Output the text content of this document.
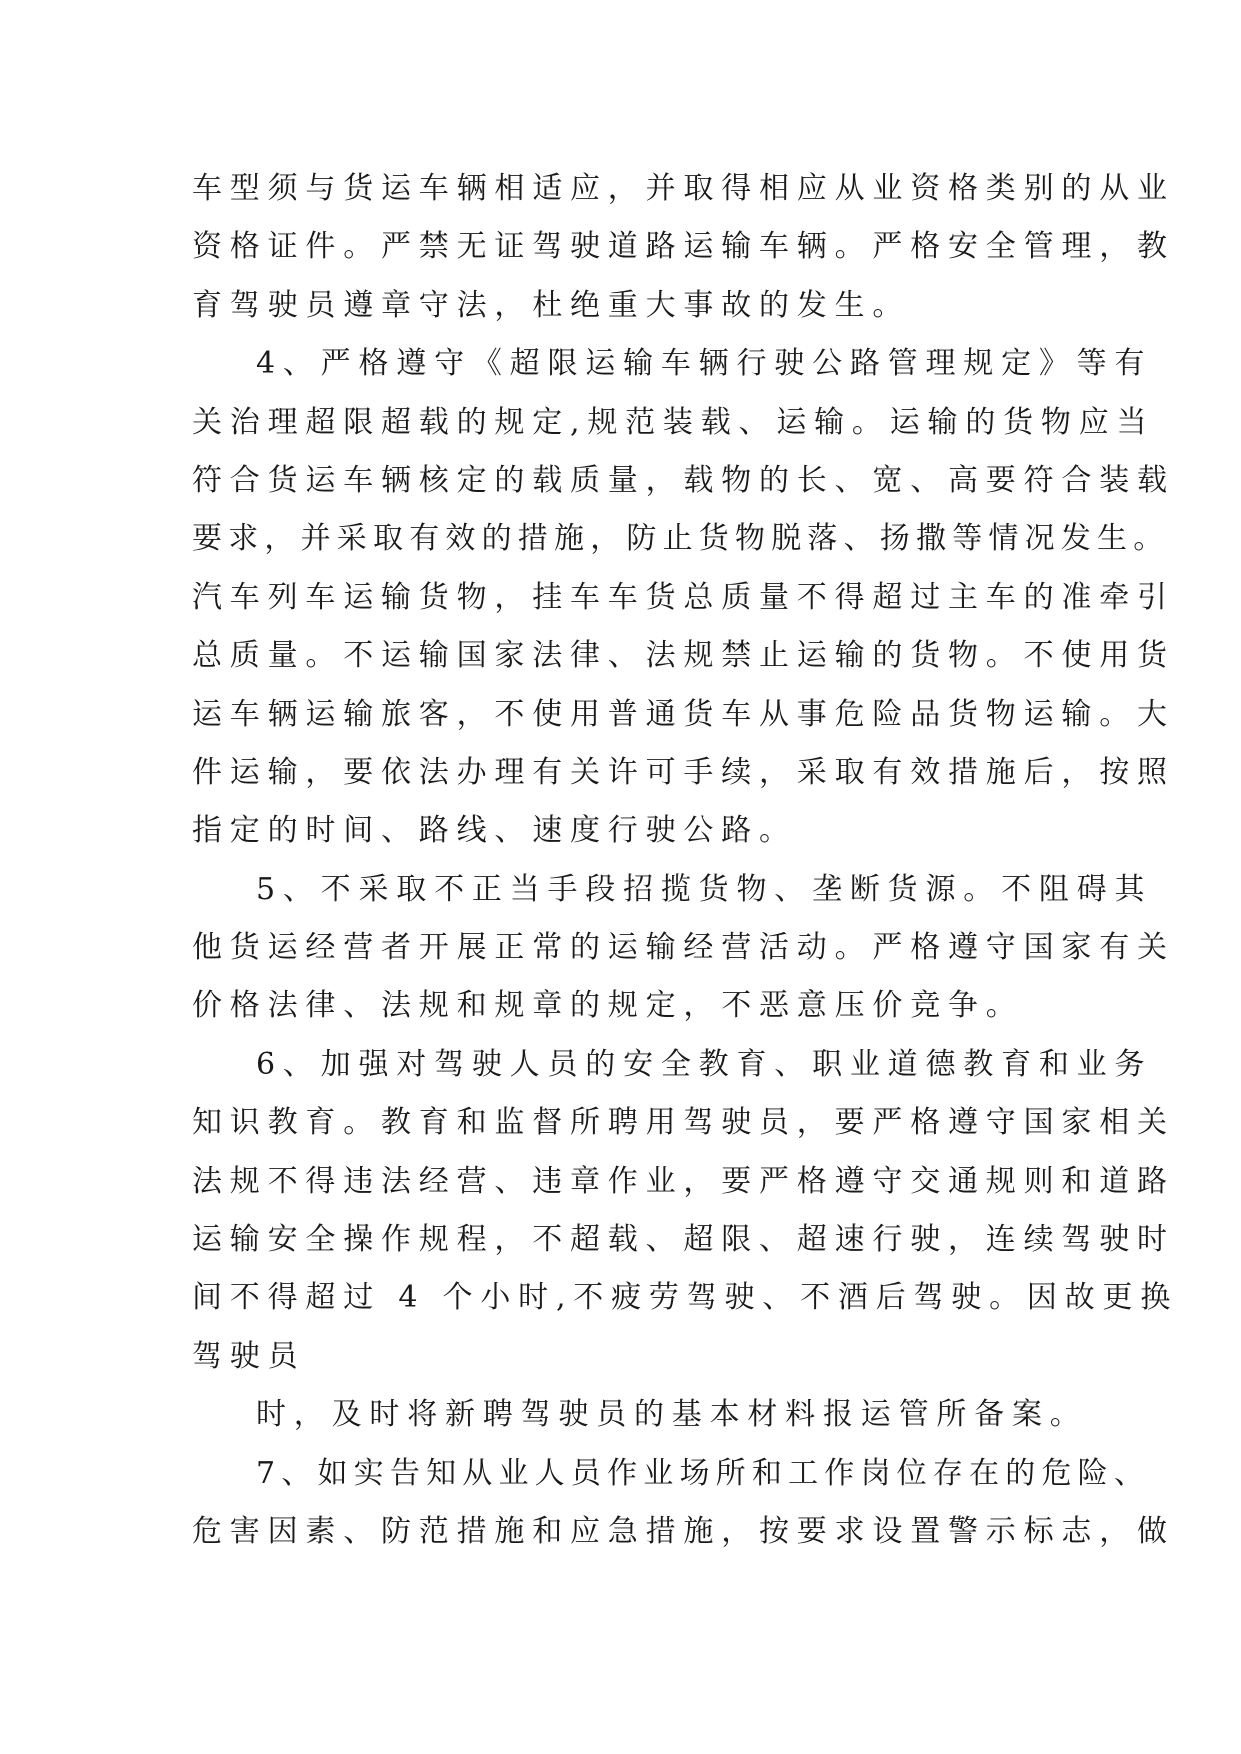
车型须与货运车辆相适应，并取得相应从业资格类别的从业
资格证件。严禁无证驾驶道路运输车辆。严格安全管理，教
育驾驶员遵章守法，杜绝重大事故的发生。
4、严格遵守《超限运输车辆行驶公路管理规定》等有
关治理超限超载的规定,规范装载、运输。运输的货物应当
符合货运车辆核定的载质量，载物的长、宽、高要符合装载
要求，并采取有效的措施，防止货物脱落、扬撒等情况发生。
汽车列车运输货物，挂车车货总质量不得超过主车的准牵引
总质量。不运输国家法律、法规禁止运输的货物。不使用货
运车辆运输旅客，不使用普通货车从事危险品货物运输。大
件运输，要依法办理有关许可手续，采取有效措施后，按照
指定的时间、路线、速度行驶公路。
5、不采取不正当手段招揽货物、垄断货源。不阻碍其
他货运经营者开展正常的运输经营活动。严格遵守国家有关
价格法律、法规和规章的规定，不恶意压价竞争。
6、加强对驾驶人员的安全教育、职业道德教育和业务
知识教育。教育和监督所聘用驾驶员，要严格遵守国家相关
法规不得违法经营、违章作业，要严格遵守交通规则和道路
运输安全操作规程，不超载、超限、超速行驶，连续驾驶时
间不得超过 4 个小时,不疲劳驾驶、不酒后驾驶。因故更换
驾驶员
时，及时将新聘驾驶员的基本材料报运管所备案。
7、如实告知从业人员作业场所和工作岗位存在的危险、
危害因素、防范措施和应急措施，按要求设置警示标志，做
